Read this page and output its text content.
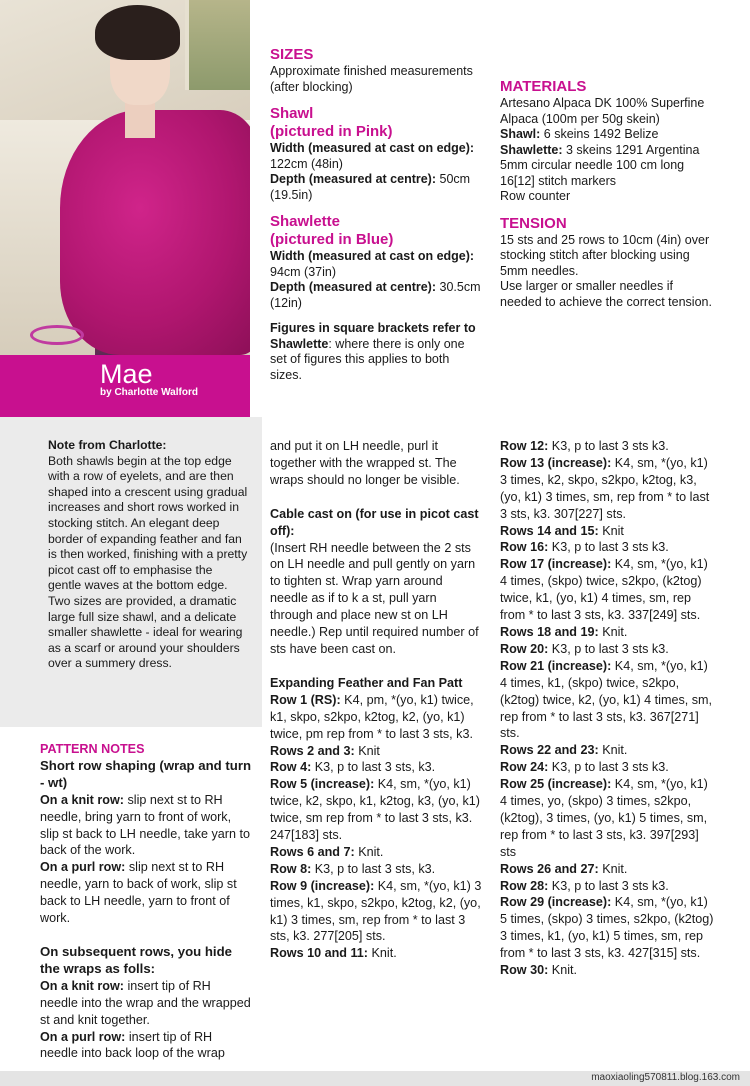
Mae
by Charlotte Walford
SIZES
Approximate finished measurements (after blocking)
Shawl
(pictured in Pink)
Width (measured at cast on edge): 122cm (48in)
Depth (measured at centre): 50cm (19.5in)
Shawlette
(pictured in Blue)
Width (measured at cast on edge): 94cm (37in)
Depth (measured at centre): 30.5cm (12in)
Figures in square brackets refer to Shawlette: where there is only one set of figures this applies to both sizes.
MATERIALS
Artesano Alpaca DK 100% Superfine Alpaca (100m per 50g skein)
Shawl: 6 skeins 1492 Belize
Shawlette: 3 skeins 1291 Argentina
5mm circular needle 100 cm long
16[12] stitch markers
Row counter
TENSION
15 sts and 25 rows to 10cm (4in) over stocking stitch after blocking using 5mm needles.
Use larger or smaller needles if needed to achieve the correct tension.
Note from Charlotte:
Both shawls begin at the top edge with a row of eyelets, and are then shaped into a crescent using gradual increases and short rows worked in stocking stitch. An elegant deep border of expanding feather and fan is then worked, finishing with a pretty picot cast off to emphasise the gentle waves at the bottom edge. Two sizes are provided, a dramatic large full size shawl, and a delicate smaller shawlette - ideal for wearing as a scarf or around your shoulders over a summery dress.
PATTERN NOTES
Short row shaping (wrap and turn - wt)
On a knit row: slip next st to RH needle, bring yarn to front of work, slip st back to LH needle, take yarn to back of the work.
On a purl row: slip next st to RH needle, yarn to back of work, slip st back to LH needle, yarn to front of work.
On subsequent rows, you hide the wraps as folls:
On a knit row: insert tip of RH needle into the wrap and the wrapped st and knit together.
On a purl row: insert tip of RH needle into back loop of the wrap
and put it on LH needle, purl it together with the wrapped st. The wraps should no longer be visible.
Cable cast on (for use in picot cast off):
(Insert RH needle between the 2 sts on LH needle and pull gently on yarn to tighten st. Wrap yarn around needle as if to k a st, pull yarn through and place new st on LH needle.) Rep until required number of sts have been cast on.
Expanding Feather and Fan Patt
Row 1 (RS): K4, pm, *(yo, k1) twice, k1, skpo, s2kpo, k2tog, k2, (yo, k1) twice, pm rep from * to last 3 sts, k3.
Rows 2 and 3: Knit
Row 4: K3, p to last 3 sts, k3.
Row 5 (increase): K4, sm, *(yo, k1) twice, k2, skpo, k1, k2tog, k3, (yo, k1) twice, sm rep from * to last 3 sts, k3. 247[183] sts.
Rows 6 and 7: Knit.
Row 8: K3, p to last 3 sts, k3.
Row 9 (increase): K4, sm, *(yo, k1) 3 times, k1, skpo, s2kpo, k2tog, k2, (yo, k1) 3 times, sm, rep from * to last 3 sts, k3. 277[205] sts.
Rows 10 and 11: Knit.
Row 12: K3, p to last 3 sts k3.
Row 13 (increase): K4, sm, *(yo, k1) 3 times, k2, skpo, s2kpo, k2tog, k3, (yo, k1) 3 times, sm, rep from * to last 3 sts, k3. 307[227] sts.
Rows 14 and 15: Knit
Row 16: K3, p to last 3 sts k3.
Row 17 (increase): K4, sm, *(yo, k1) 4 times, (skpo) twice, s2kpo, (k2tog) twice, k1, (yo, k1) 4 times, sm, rep from * to last 3 sts, k3. 337[249] sts.
Rows 18 and 19: Knit.
Row 20: K3, p to last 3 sts k3.
Row 21 (increase): K4, sm, *(yo, k1) 4 times, k1, (skpo) twice, s2kpo, (k2tog) twice, k2, (yo, k1) 4 times, sm, rep from * to last 3 sts, k3. 367[271] sts.
Rows 22 and 23: Knit.
Row 24: K3, p to last 3 sts k3.
Row 25 (increase): K4, sm, *(yo, k1) 4 times, yo, (skpo) 3 times, s2kpo, (k2tog), 3 times, (yo, k1) 5 times, sm, rep from * to last 3 sts, k3. 397[293] sts
Rows 26 and 27: Knit.
Row 28: K3, p to last 3 sts k3.
Row 29 (increase): K4, sm, *(yo, k1) 5 times, (skpo) 3 times, s2kpo, (k2tog) 3 times, k1, (yo, k1) 5 times, sm, rep from * to last 3 sts, k3. 427[315] sts.
Row 30: Knit.
maoxiaoling570811.blog.163.com
